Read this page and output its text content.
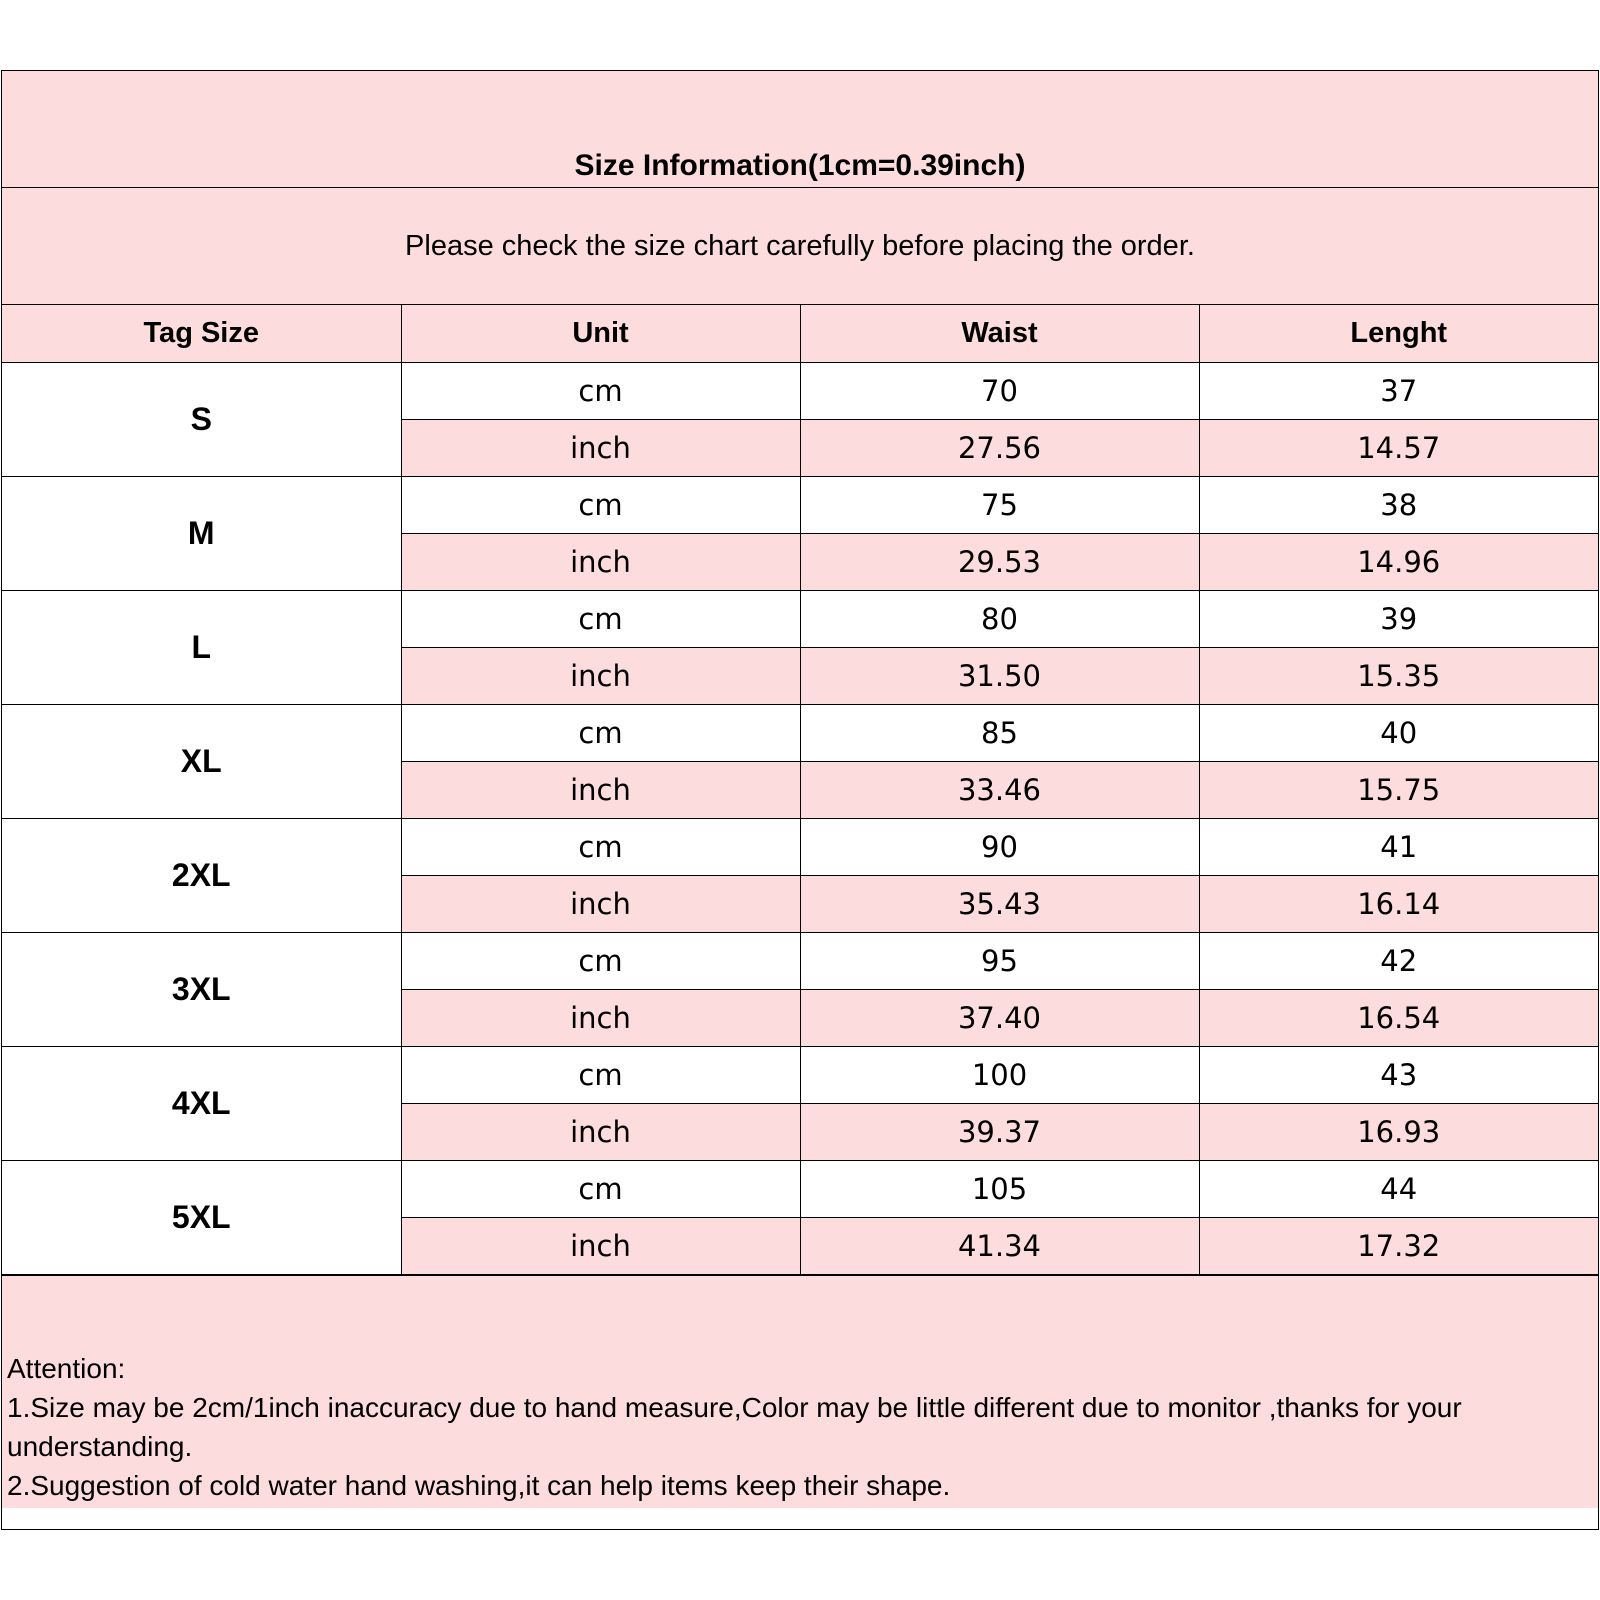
Size Information(1cm=0.39inch)
Please check the size chart carefully before placing the order.
Tag Size	Unit	Waist	Lenght
S	cm	70	37
	inch	27.56	14.57
M	cm	75	38
	inch	29.53	14.96
L	cm	80	39
	inch	31.50	15.35
XL	cm	85	40
	inch	33.46	15.75
2XL	cm	90	41
	inch	35.43	16.14
3XL	cm	95	42
	inch	37.40	16.54
4XL	cm	100	43
	inch	39.37	16.93
5XL	cm	105	44
	inch	41.34	17.32
Attention:
1.Size may be 2cm/1inch inaccuracy due to hand measure,Color may be little different due to monitor ,thanks for your understanding.
2.Suggestion of cold water hand washing,it can help items keep their shape.
